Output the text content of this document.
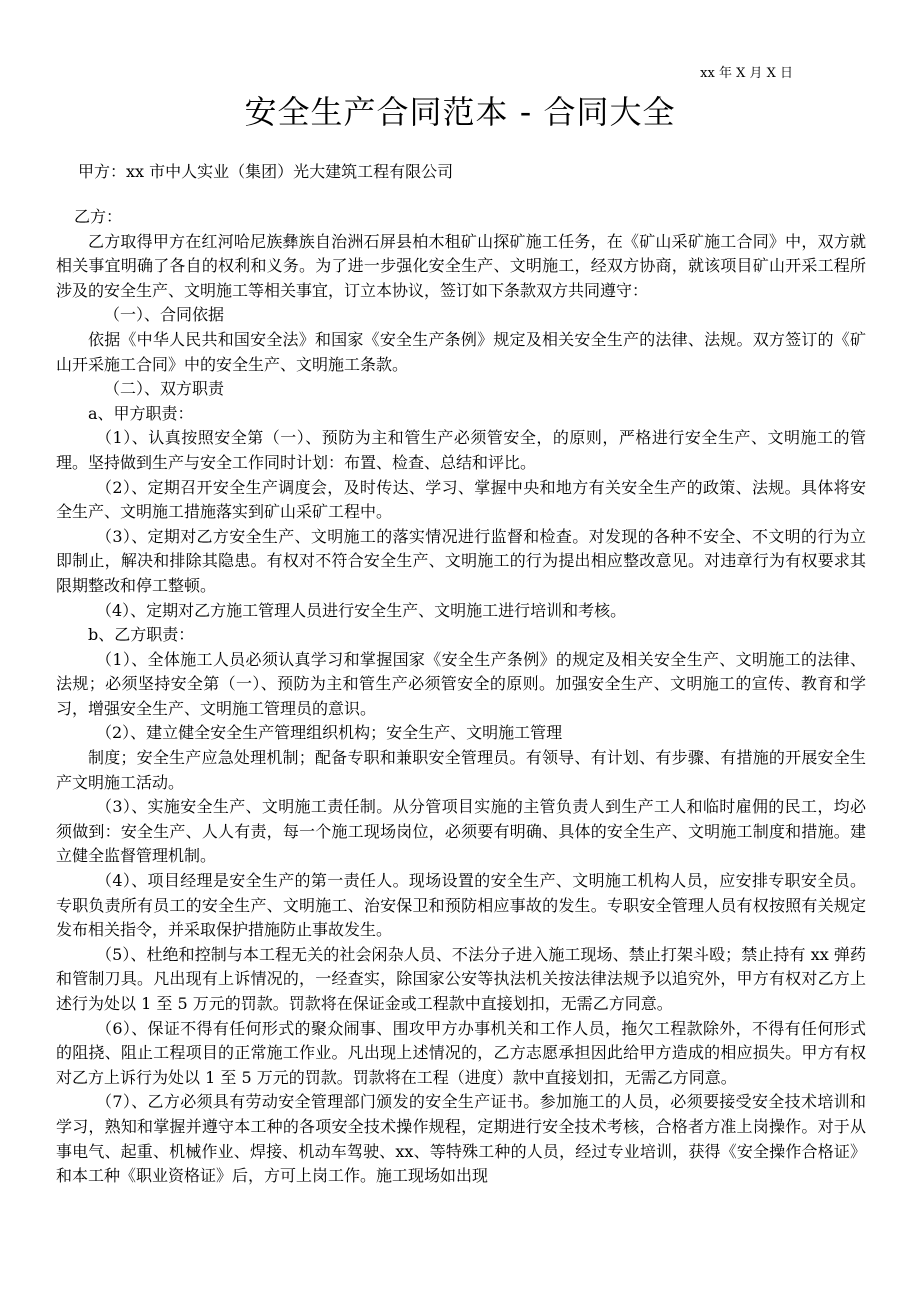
xx 年 X 月 X 日
安全生产合同范本 - 合同大全
甲方：xx 市中人实业（集团）光大建筑工程有限公司

乙方：

乙方取得甲方在红河哈尼族彝族自治洲石屏县柏木租矿山探矿施工任务，在《矿山采矿施工合同》中，双方就相关事宜明确了各自的权利和义务。为了进一步强化安全生产、文明施工，经双方协商，就该项目矿山开采工程所涉及的安全生产、文明施工等相关事宜，订立本协议，签订如下条款双方共同遵守：

（一）、合同依据

依据《中华人民共和国安全法》和国家《安全生产条例》规定及相关安全生产的法律、法规。双方签订的《矿山开采施工合同》中的安全生产、文明施工条款。

（二）、双方职责

a、甲方职责：

（1）、认真按照安全第（一）、预防为主和管生产必须管安全，的原则，严格进行安全生产、文明施工的管理。坚持做到生产与安全工作同时计划：布置、检查、总结和评比。

（2）、定期召开安全生产调度会，及时传达、学习、掌握中央和地方有关安全生产的政策、法规。具体将安全生产、文明施工措施落实到矿山采矿工程中。

（3）、定期对乙方安全生产、文明施工的落实情况进行监督和检查。对发现的各种不安全、不文明的行为立即制止，解决和排除其隐患。有权对不符合安全生产、文明施工的行为提出相应整改意见。对违章行为有权要求其限期整改和停工整顿。

（4）、定期对乙方施工管理人员进行安全生产、文明施工进行培训和考核。

b、乙方职责：

（1）、全体施工人员必须认真学习和掌握国家《安全生产条例》的规定及相关安全生产、文明施工的法律、法规；必须坚持安全第（一）、预防为主和管生产必须管安全的原则。加强安全生产、文明施工的宣传、教育和学习，增强安全生产、文明施工管理员的意识。

（2）、建立健全安全生产管理组织机构；安全生产、文明施工管理

制度；安全生产应急处理机制；配备专职和兼职安全管理员。有领导、有计划、有步骤、有措施的开展安全生产文明施工活动。

（3）、实施安全生产、文明施工责任制。从分管项目实施的主管负责人到生产工人和临时雇佣的民工，均必须做到：安全生产、人人有责，每一个施工现场岗位，必须要有明确、具体的安全生产、文明施工制度和措施。建立健全监督管理机制。

（4）、项目经理是安全生产的第一责任人。现场设置的安全生产、文明施工机构人员，应安排专职安全员。专职负责所有员工的安全生产、文明施工、治安保卫和预防相应事故的发生。专职安全管理人员有权按照有关规定发布相关指令，并采取保护措施防止事故发生。

（5）、杜绝和控制与本工程无关的社会闲杂人员、不法分子进入施工现场、禁止打架斗殴；禁止持有 xx 弹药和管制刀具。凡出现有上诉情况的，一经查实，除国家公安等执法机关按法律法规予以追究外，甲方有权对乙方上述行为处以 1 至 5 万元的罚款。罚款将在保证金或工程款中直接划扣，无需乙方同意。

（6）、保证不得有任何形式的聚众闹事、围攻甲方办事机关和工作人员，拖欠工程款除外，不得有任何形式的阻挠、阻止工程项目的正常施工作业。凡出现上述情况的，乙方志愿承担因此给甲方造成的相应损失。甲方有权对乙方上诉行为处以 1 至 5 万元的罚款。罚款将在工程（进度）款中直接划扣，无需乙方同意。

（7）、乙方必须具有劳动安全管理部门颁发的安全生产证书。参加施工的人员，必须要接受安全技术培训和学习，熟知和掌握并遵守本工种的各项安全技术操作规程，定期进行安全技术考核，合格者方准上岗操作。对于从事电气、起重、机械作业、焊接、机动车驾驶、xx、等特殊工种的人员，经过专业培训，获得《安全操作合格证》和本工种《职业资格证》后，方可上岗工作。施工现场如出现
